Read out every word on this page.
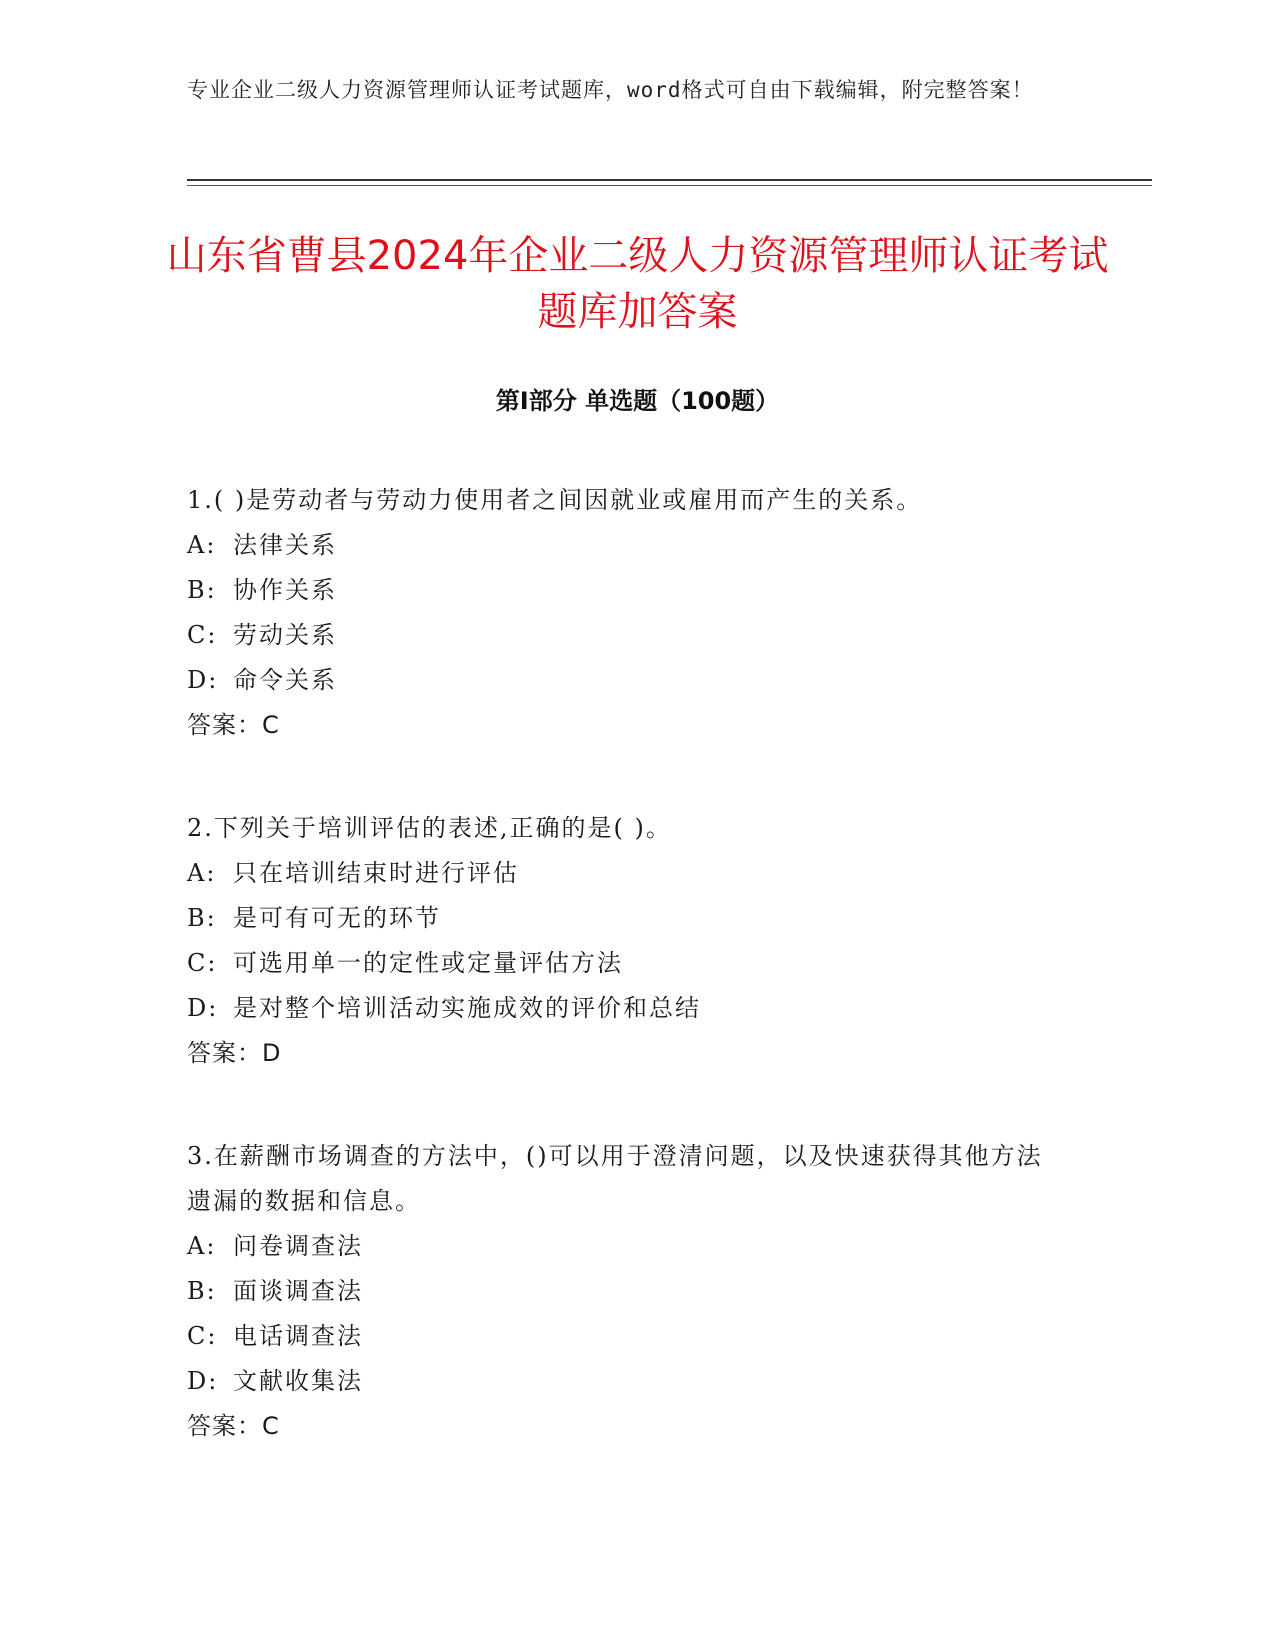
专业企业二级人力资源管理师认证考试题库，word格式可自由下载编辑，附完整答案！
山东省曹县2024年企业二级人力资源管理师认证考试题库加答案
第I部分 单选题（100题）

1.( )是劳动者与劳动力使用者之间因就业或雇用而产生的关系。

A: 法律关系

B: 协作关系

C: 劳动关系

D: 命令关系

答案：C

2.下列关于培训评估的表述,正确的是( )。

A: 只在培训结束时进行评估

B: 是可有可无的环节

C: 可选用单一的定性或定量评估方法

D: 是对整个培训活动实施成效的评价和总结

答案：D

3.在薪酬市场调查的方法中，()可以用于澄清问题，以及快速获得其他方法遗漏的数据和信息。

A: 问卷调查法

B: 面谈调查法

C: 电话调查法

D: 文献收集法

答案：C
